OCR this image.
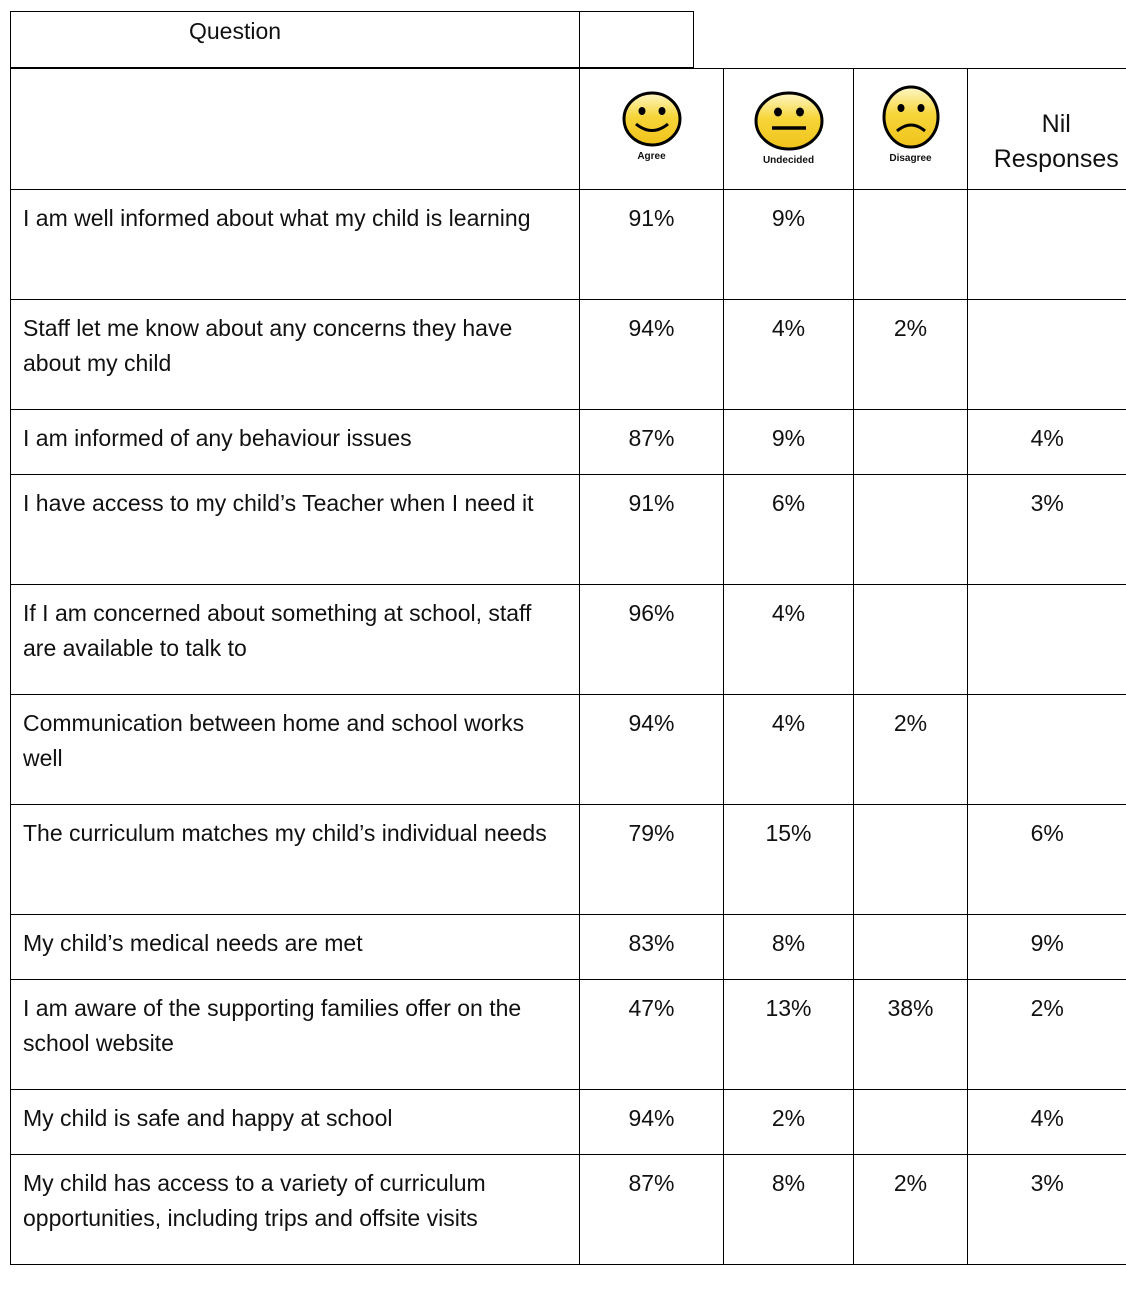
Question

	Agree	Undecided	Disagree	Nil
Responses

I am well informed about what my child is learning	91%	9%		
Staff let me know about any concerns they have about my child	94%	4%	2%	
I am informed of any behaviour issues	87%	9%		4%
I have access to my child’s Teacher when I need it	91%	6%		3%
If I am concerned about something at school, staff are available to talk to	96%	4%		
Communication between home and school works well	94%	4%	2%	
The curriculum matches my child’s individual needs	79%	15%		6%
My child’s medical needs are met	83%	8%		9%
I am aware of the supporting families offer on the school website	47%	13%	38%	2%
My child is safe and happy at school	94%	2%		4%
My child has access to a variety of curriculum opportunities, including trips and offsite visits	87%	8%	2%	3%
